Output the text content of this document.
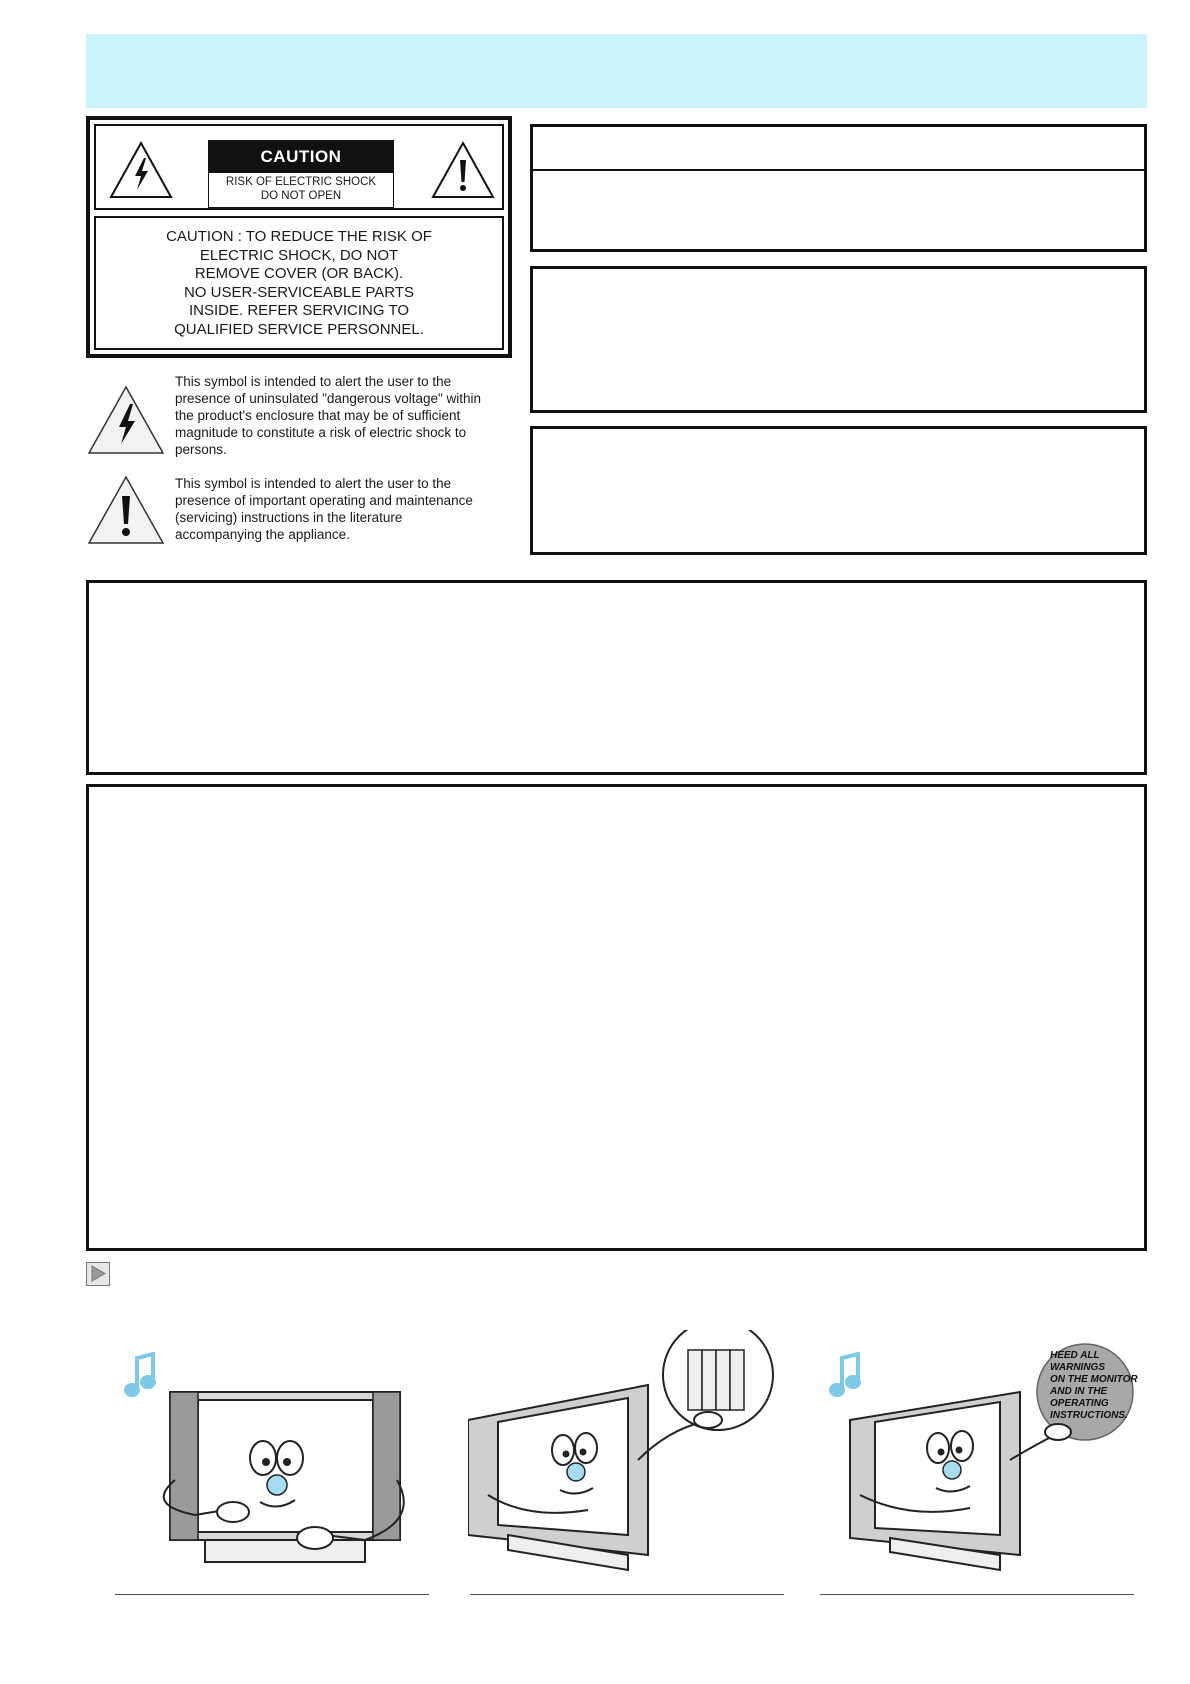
CAUTION
RISK OF ELECTRIC SHOCK
DO NOT OPEN
CAUTION : TO REDUCE THE RISK OF
ELECTRIC SHOCK, DO NOT
REMOVE COVER (OR BACK).
NO USER-SERVICEABLE PARTS
INSIDE. REFER SERVICING TO
QUALIFIED SERVICE PERSONNEL.
This symbol is intended to alert the user to the
presence of uninsulated "dangerous voltage" within
the product's enclosure that may be of sufficient
magnitude to constitute a risk of electric shock to
persons.
This symbol is intended to alert the user to the
presence of important operating and maintenance
(servicing) instructions in the literature
accompanying the appliance.
HEED ALL WARNINGS ON THE MONITOR AND IN THE OPERATING INSTRUCTIONS.
